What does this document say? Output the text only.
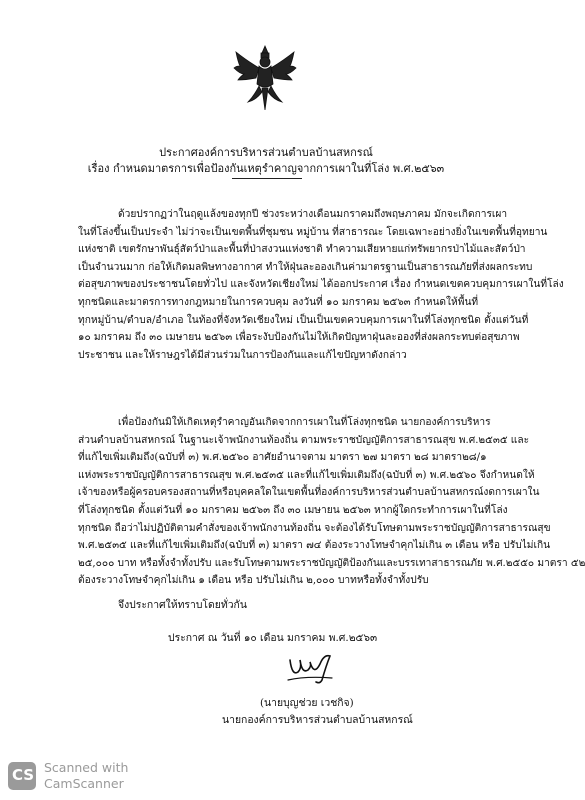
ประกาศองค์การบริหารส่วนตำบลบ้านสหกรณ์
เรื่อง กำหนดมาตรการเพื่อป้องกันเหตุรำคาญจากการเผาในที่โล่ง พ.ศ.๒๕๖๓
ด้วยปรากฏว่าในฤดูแล้งของทุกปี ช่วงระหว่างเดือนมกราคมถึงพฤษภาคม มักจะเกิดการเผา
ในที่โล่งขึ้นเป็นประจำ ไม่ว่าจะเป็นเขตพื้นที่ชุมชน หมู่บ้าน ที่สาธารณะ โดยเฉพาะอย่างยิ่งในเขตพื้นที่อุทยาน
แห่งชาติ เขตรักษาพันธุ์สัตว์ป่าและพื้นที่ป่าสงวนแห่งชาติ ทำความเสียหายแก่ทรัพยากรป่าไม้และสัตว์ป่า
เป็นจำนวนมาก ก่อให้เกิดมลพิษทางอากาศ ทำให้ฝุ่นละอองเกินค่ามาตรฐานเป็นสาธารณภัยที่ส่งผลกระทบ
ต่อสุขภาพของประชาชนโดยทั่วไป และจังหวัดเชียงใหม่ ได้ออกประกาศ เรื่อง กำหนดเขตควบคุมการเผาในที่โล่ง
ทุกชนิดและมาตรการทางกฎหมายในการควบคุม ลงวันที่ ๑๐ มกราคม ๒๕๖๓ กำหนดให้พื้นที่
ทุกหมู่บ้าน/ตำบล/อำเภอ ในท้องที่จังหวัดเชียงใหม่ เป็นเป็นเขตควบคุมการเผาในที่โล่งทุกชนิด ตั้งแต่วันที่
๑๐ มกราคม ถึง ๓๐ เมษายน ๒๕๖๓ เพื่อระงับป้องกันไม่ให้เกิดปัญหาฝุ่นละอองที่ส่งผลกระทบต่อสุขภาพ
ประชาชน และให้ราษฎรได้มีส่วนร่วมในการป้องกันและแก้ไขปัญหาดังกล่าว
เพื่อป้องกันมิให้เกิดเหตุรำคาญอันเกิดจากการเผาในที่โล่งทุกชนิด นายกองค์การบริหาร
ส่วนตำบลบ้านสหกรณ์ ในฐานะเจ้าพนักงานท้องถิ่น ตามพระราชบัญญัติการสาธารณสุข พ.ศ.๒๕๓๕ และ
ที่แก้ไขเพิ่มเติมถึง(ฉบับที่ ๓) พ.ศ.๒๕๖๐ อาศัยอำนาจตาม มาตรา ๒๗ มาตรา ๒๘ มาตรา๒๘/๑
แห่งพระราชบัญญัติการสาธารณสุข พ.ศ.๒๕๓๕ และที่แก้ไขเพิ่มเติมถึง(ฉบับที่ ๓) พ.ศ.๒๕๖๐ จึงกำหนดให้
เจ้าของหรือผู้ครอบครองสถานที่หรือบุคคลใดในเขตพื้นที่องค์การบริหารส่วนตำบลบ้านสหกรณ์งดการเผาใน
ที่โล่งทุกชนิด ตั้งแต่วันที่ ๑๐ มกราคม ๒๕๖๓ ถึง ๓๐ เมษายน ๒๕๖๓ หากผู้ใดกระทำการเผาในที่โล่ง
ทุกชนิด ถือว่าไม่ปฏิบัติตามคำสั่งของเจ้าพนักงานท้องถิ่น จะต้องได้รับโทษตามพระราชบัญญัติการสาธารณสุข
พ.ศ.๒๕๓๕ และที่แก้ไขเพิ่มเติมถึง(ฉบับที่ ๓) มาตรา ๗๔ ต้องระวางโทษจำคุกไม่เกิน ๓ เดือน หรือ ปรับไม่เกิน
๒๕,๐๐๐ บาท หรือทั้งจำทั้งปรับ และรับโทษตามพระราชบัญญัติป้องกันและบรรเทาสาธารณภัย พ.ศ.๒๕๕๐ มาตรา ๕๒
ต้องระวางโทษจำคุกไม่เกิน ๑ เดือน หรือ ปรับไม่เกิน ๒,๐๐๐ บาทหรือทั้งจำทั้งปรับ
จึงประกาศให้ทราบโดยทั่วกัน
ประกาศ ณ วันที่ ๑๐ เดือน มกราคม พ.ศ.๒๕๖๓
(นายบุญช่วย เวชกิจ)
นายกองค์การบริหารส่วนตำบลบ้านสหกรณ์
CS Scanned with
CamScanner
